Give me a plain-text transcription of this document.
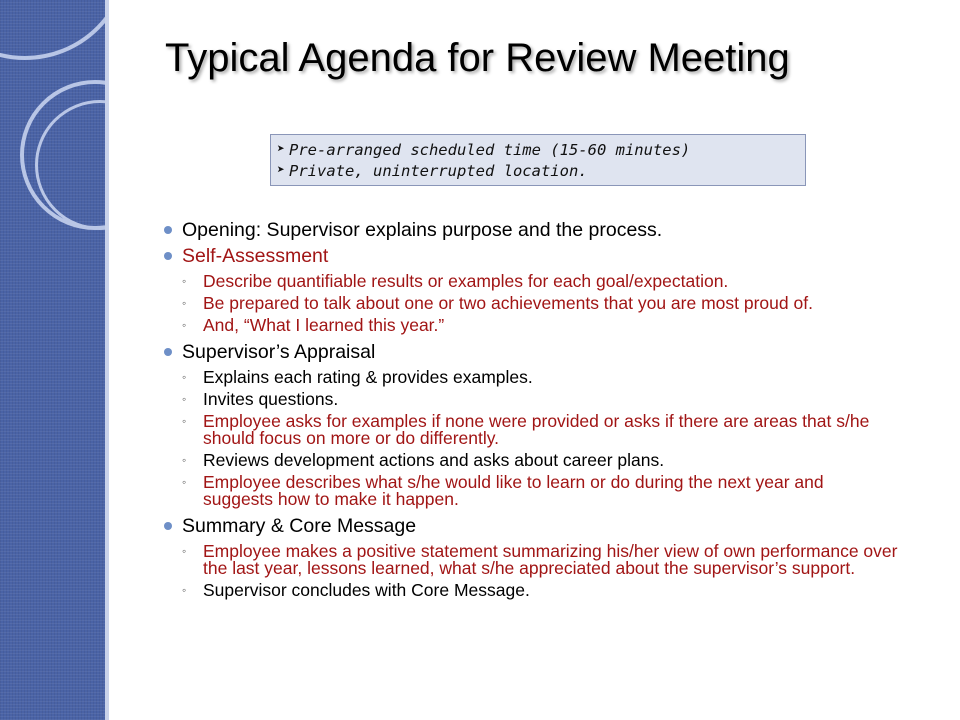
Typical Agenda for Review Meeting
➤ Pre-arranged scheduled time (15-60 minutes)
➤ Private, uninterrupted location.

Opening: Supervisor explains purpose and the process.

Self-Assessment

◦ Describe quantifiable results or examples for each goal/expectation.

◦ Be prepared to talk about one or two achievements that you are most proud of.

◦ And, “What I learned this year.”

Supervisor’s Appraisal

◦ Explains each rating & provides examples.

◦ Invites questions.

◦ Employee asks for examples if none were provided or asks if there are areas that s/he should focus on more or do differently.

◦ Reviews development actions and asks about career plans.

◦ Employee describes what s/he would like to learn or do during the next year and suggests how to make it happen.

Summary & Core Message

◦ Employee makes a positive statement summarizing his/her view of own performance over the last year, lessons learned, what s/he appreciated about the supervisor’s support.

◦ Supervisor concludes with Core Message.
